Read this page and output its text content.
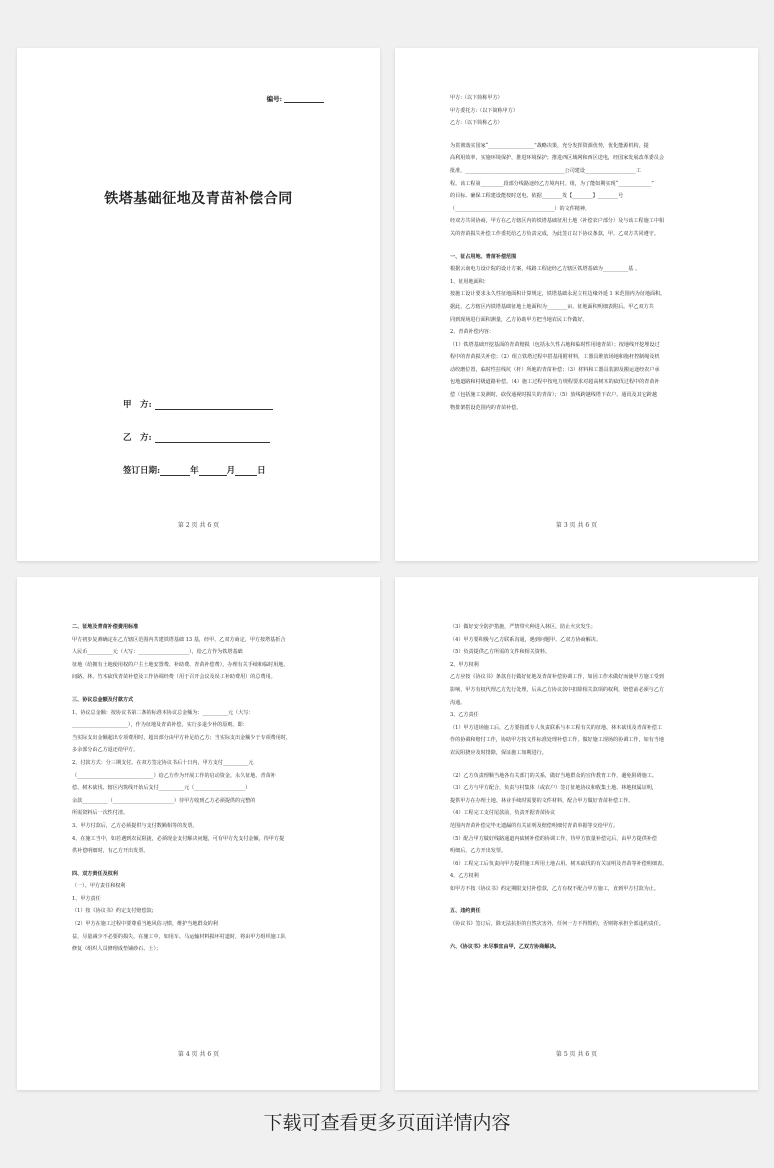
编号:
铁塔基础征地及青苗补偿合同
甲　方:
乙　方:
签订日期:	年	月	日
第 2 页 共 6 页

甲方:（以下简称甲方）

甲方委托方:（以下简称甲方）

乙方:（以下简称乙方）

为贯彻落实国家“__________________”战略决策，充分发挥资源优势，优化能源机构，提

高利用效率，实施环境保护，推进环境保护；推进西区域网和西区送电，经国家发展改革委员会

批准，_______________________________________公司建设____________________工

程。该工程第_________段部分线路途经乙方境内村。组，为了能如期实现“_____________”

的目标、确保工程建设能按时送电，依据________发【________】________号

（_______________________________________）的文件精神，

经双方共同协商，甲方在乙方辖区内的铁塔基础征用土地（补偿农户部分）及与该工程施工中相

关的青苗损失补偿工作委托给乙方负责完成，为此签订以下协议条款，甲、乙双方共同遵守。

一、征占用地、青苗补偿范围

根据云南电力设计院的设计方案，线路工程途经乙方辖区铁塔基础为__________基 。

1、征用地面积：

按施工设计要求永久性征地面积计算规定，铁塔基础永泥立柱边缘外延 1 米范围内为征地面积。

据此，乙方辖区内铁塔基础征地土地面积为________亩，征地面积明细表附后。甲乙双方共

同到现场进行面积测量，乙方协助甲方把当地农民工作做好。

2、青苗补偿内容：

（1）铁塔基础开挖基面的青苗赔损（包括永久性占地和临时性用地青苗）；按地线开挖埋设过

程中的青苗损失补偿；（2）组立铁塔过程中搭基用附材料，工器具堆放场地和拖杆控制绳及机

动绞磨位置、临时性拉线坑（杆）所地的青苗补偿；（3）材料和工器具装卸及搬运途经农户承

包地道路和村级道路补偿。（4）施工过程中按电力规程要求对超高树木的砍伐过程中的青苗补

偿（包括施工复测时，砍伐通视时损失的青苗）；（5）放线跨越线塔下农户、通讯及其它跨越

物排架搭设范围内的青苗补偿。

第 3 页 共 6 页

二、征地及青苗补偿费用标准

甲方初步复测确定在乙方辖区范围内共建铁塔基础 13 基，经甲、乙双方商定，甲方按塔基折合

人民币__________元（大写：____________________），给乙方作为铁塔基础

征地（给拥有土地使用权的户主土地安置费、补助费、青苗补偿费），办理有关手续和临时用地、

间路、林、竹木砍伐青苗补偿及工作协调经费（用于召开会议及误工补助费用）的总费用。

三、协议总金额及付款方式

1、协议总金额：按协议书第二条的标准本协议总金额为：__________元（大写：

______________________），作为征地及青苗补偿，实行多退少补的原则。即：

当实际支出金额超出专项费用时，超出部分由甲方补足给乙方；当实际支出金额少于专项费用时，

多余部分由乙方退还给甲方。

2、付款方式：分三期支付。在双方签定协议书后十日内，甲方支付__________元

（______________________________）给乙方作为开展工作的启动资金。永久征地、青苗补

偿、树木砍伐、辖区内筑线开始后支付__________元（____________________）

余款__________（________________________）待甲方收到乙方必须提供的完整的

所需资料后一次性付清。

3、甲方付款后，乙方必须提供与支付数额相等的发票。

4、在施工当中，如若遇到农民阻拢，必须现金支付解决问题，可有甲方先支付金额，待甲方提

供补偿明细时，有乙方开出发票。

四、双方责任及权利

（一）、甲方责任和权利

1、甲方责任

（1）按《协议书》约定支付赔偿款;

（2）甲方在施工过程中要尊重当地风俗习惯，维护当地群众的利

益，尽量减少不必要的损失。在施工中，如用车、马运输材料损坏村道时，将由甲方组织施工队

修复（组织人员修理成垫铺砂石、土）；

第 4 页 共 6 页

（3）做好安全防护措施，严禁带火种进入林区，防止火灾发生；

（4）甲方要积极与乙方联系沟通，遇到问题甲、乙双方协商解决。

（5）负责提供乙方所需的文件和相关资料。

2、甲方权利

乙方应按《协议书》条款自行做好征地及青苗补偿协调工作，如因工作未做好而使甲方施工受到

影响，甲方有权代理乙方先行处理，后从乙方协议款中扣除相关款项的权利，赔偿前必须与乙方

沟通。

3、乙方责任

（1）甲方进场施工后，乙方要指派专人负责联系与本工程有关的征地、林木砍伐及青苗补偿工

作的协调和赔付工作，协助甲方按文件标准处理补偿工作，做好施工现场的协调工作，如有当地

农民阻挠应及时排除，保证施工如期进行。

（2）乙方负责理顺当地各有关部门的关系，做好当地群众的宣传教育工作，避免阻碍施工。

（3）乙方与甲方配合，负责与村集体（或农户）签订征地协议和收集土地、林地权属证明，

提供甲方在办理土地、林业手续时需要的文件材料，配合甲方做好青苗补偿工作。

（4）工程完工支付尾款前，负责开据青苗协议

范围内青苗补偿完毕无遗漏的有关证明及赔偿明细付青苗单据等交给甲方。

（5）配合甲方做好线路通道内砍树补偿的协调工作，待甲方放量补偿完后，由甲方提供补偿

明细后，乙方开出发票。

（6）工程完工后负责向甲方提供施工所用土地占用、树木砍伐的有关证明及青苗等补偿明细表。

4、乙方权利

如甲方不按《协议书》约定期限支付补偿款，乙方有权不配合甲方施工，直到甲方付款为止。

五、违约责任

《协议书》签订后，除无法抗拒的自然灾害外，任何一方不得毁约，否则将承担全部违约责任。

六、《协议书》未尽事宜由甲，乙双方协商解决。

第 5 页 共 6 页
下载可查看更多页面详情内容
